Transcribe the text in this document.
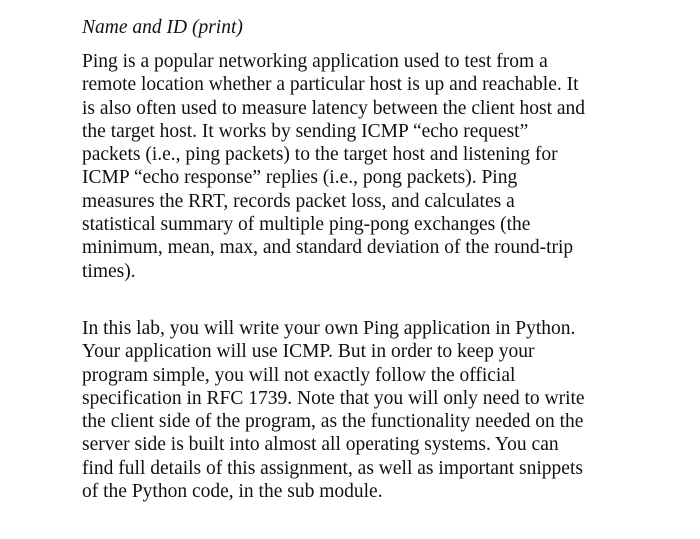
Name and ID (print)
Ping is a popular networking application used to test from a
remote location whether a particular host is up and reachable. It
is also often used to measure latency between the client host and
the target host. It works by sending ICMP “echo request”
packets (i.e., ping packets) to the target host and listening for
ICMP “echo response” replies (i.e., pong packets). Ping
measures the RRT, records packet loss, and calculates a
statistical summary of multiple ping-pong exchanges (the
minimum, mean, max, and standard deviation of the round-trip
times).
In this lab, you will write your own Ping application in Python.
Your application will use ICMP. But in order to keep your
program simple, you will not exactly follow the official
specification in RFC 1739. Note that you will only need to write
the client side of the program, as the functionality needed on the
server side is built into almost all operating systems. You can
find full details of this assignment, as well as important snippets
of the Python code, in the sub module.
